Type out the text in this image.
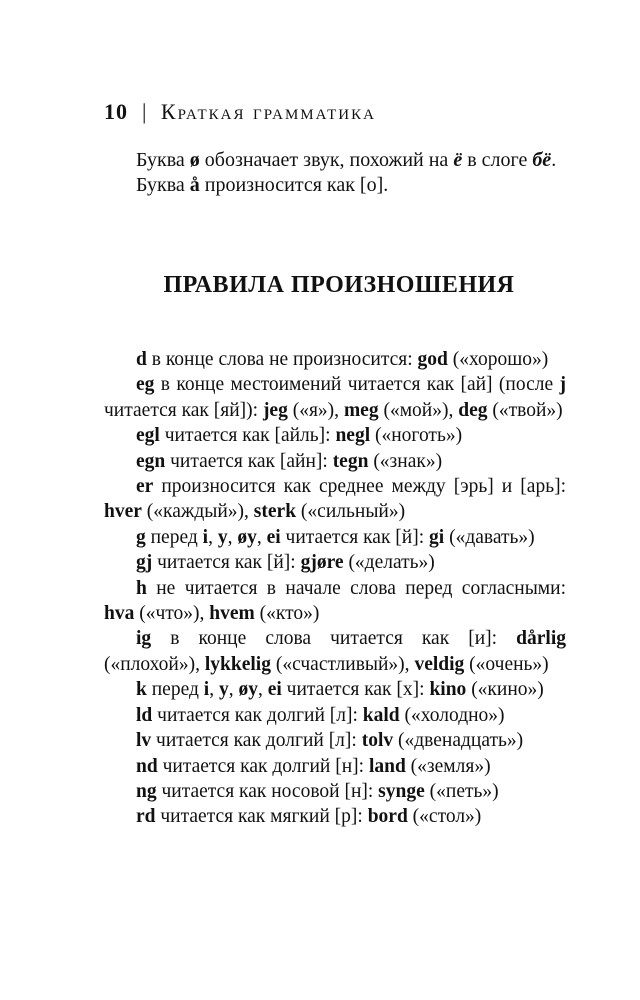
10 | Краткая грамматика

Буква ø обозначает звук, похожий на ё в слоге бё.

Буква å произносится как [o].

ПРАВИЛА ПРОИЗНОШЕНИЯ

d в конце слова не произносится: god («хорошо»)

eg в конце местоимений читается как [ай] (после j читается как [яй]): jeg («я»), meg («мой»), deg («твой»)

egl читается как [айль]: negl («ноготь»)

egn читается как [айн]: tegn («знак»)

er произносится как среднее между [эрь] и [арь]: hver («каждый»), sterk («сильный»)

g перед i, y, øy, ei читается как [й]: gi («давать»)

gj читается как [й]: gjøre («делать»)

h не читается в начале слова перед согласными: hva («что»), hvem («кто»)

ig в конце слова читается как [и]: dårlig («плохой»), lykkelig («счастливый»), veldig («очень»)

k перед i, y, øy, ei читается как [х]: kino («кино»)

ld читается как долгий [л]: kald («холодно»)

lv читается как долгий [л]: tolv («двенадцать»)

nd читается как долгий [н]: land («земля»)

ng читается как носовой [н]: synge («петь»)

rd читается как мягкий [р]: bord («стол»)
